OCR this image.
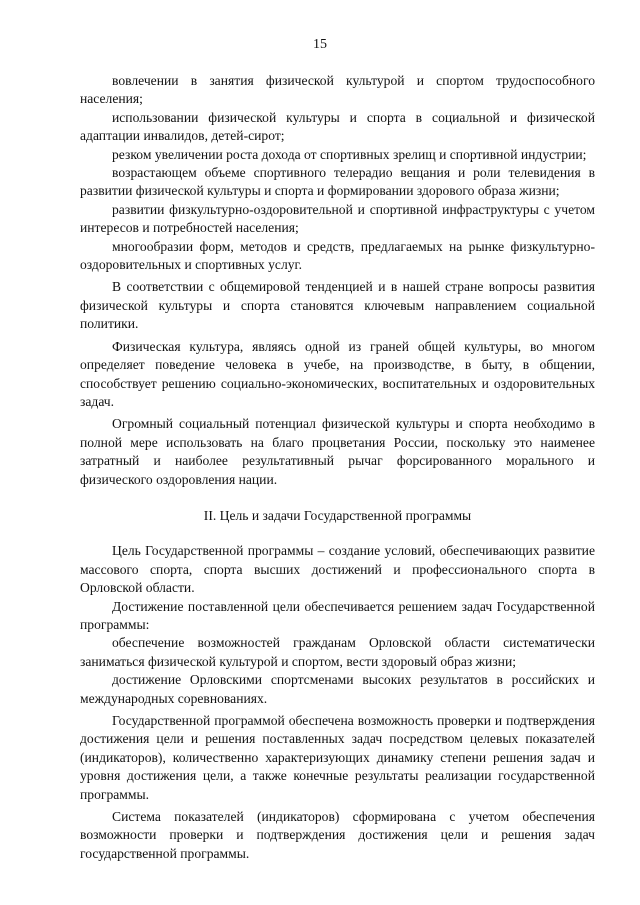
15

вовлечении в занятия физической культурой и спортом трудоспособного населения;

использовании физической культуры и спорта в социальной и физической адаптации инвалидов, детей-сирот;

резком увеличении роста дохода от спортивных зрелищ и спортивной индустрии;

возрастающем объеме спортивного телерадио вещания и роли телевидения в развитии физической культуры и спорта и формировании здорового образа жизни;

развитии физкультурно-оздоровительной и спортивной инфраструктуры с учетом интересов и потребностей населения;

многообразии форм, методов и средств, предлагаемых на рынке физкультурно-оздоровительных и спортивных услуг.

В соответствии с общемировой тенденцией и в нашей стране вопросы развития физической культуры и спорта становятся ключевым направлением социальной политики.

Физическая культура, являясь одной из граней общей культуры, во многом определяет поведение человека в учебе, на производстве, в быту, в общении, способствует решению социально-экономических, воспитательных и оздоровительных задач.

Огромный социальный потенциал физической культуры и спорта необходимо в полной мере использовать на благо процветания России, поскольку это наименее затратный и наиболее результативный рычаг форсированного морального и физического оздоровления нации.

II. Цель и задачи Государственной программы

Цель Государственной программы – создание условий, обеспечивающих развитие массового спорта, спорта высших достижений и профессионального спорта в Орловской области.

Достижение поставленной цели обеспечивается решением задач Государственной программы:

обеспечение возможностей гражданам Орловской области систематически заниматься физической культурой и спортом, вести здоровый образ жизни;

достижение Орловскими спортсменами высоких результатов в российских и международных соревнованиях.

Государственной программой обеспечена возможность проверки и подтверждения достижения цели и решения поставленных задач посредством целевых показателей (индикаторов), количественно характеризующих динамику степени решения задач и уровня достижения цели, а также конечные результаты реализации государственной программы.

Система показателей (индикаторов) сформирована с учетом обеспечения возможности проверки и подтверждения достижения цели и решения задач государственной программы.
